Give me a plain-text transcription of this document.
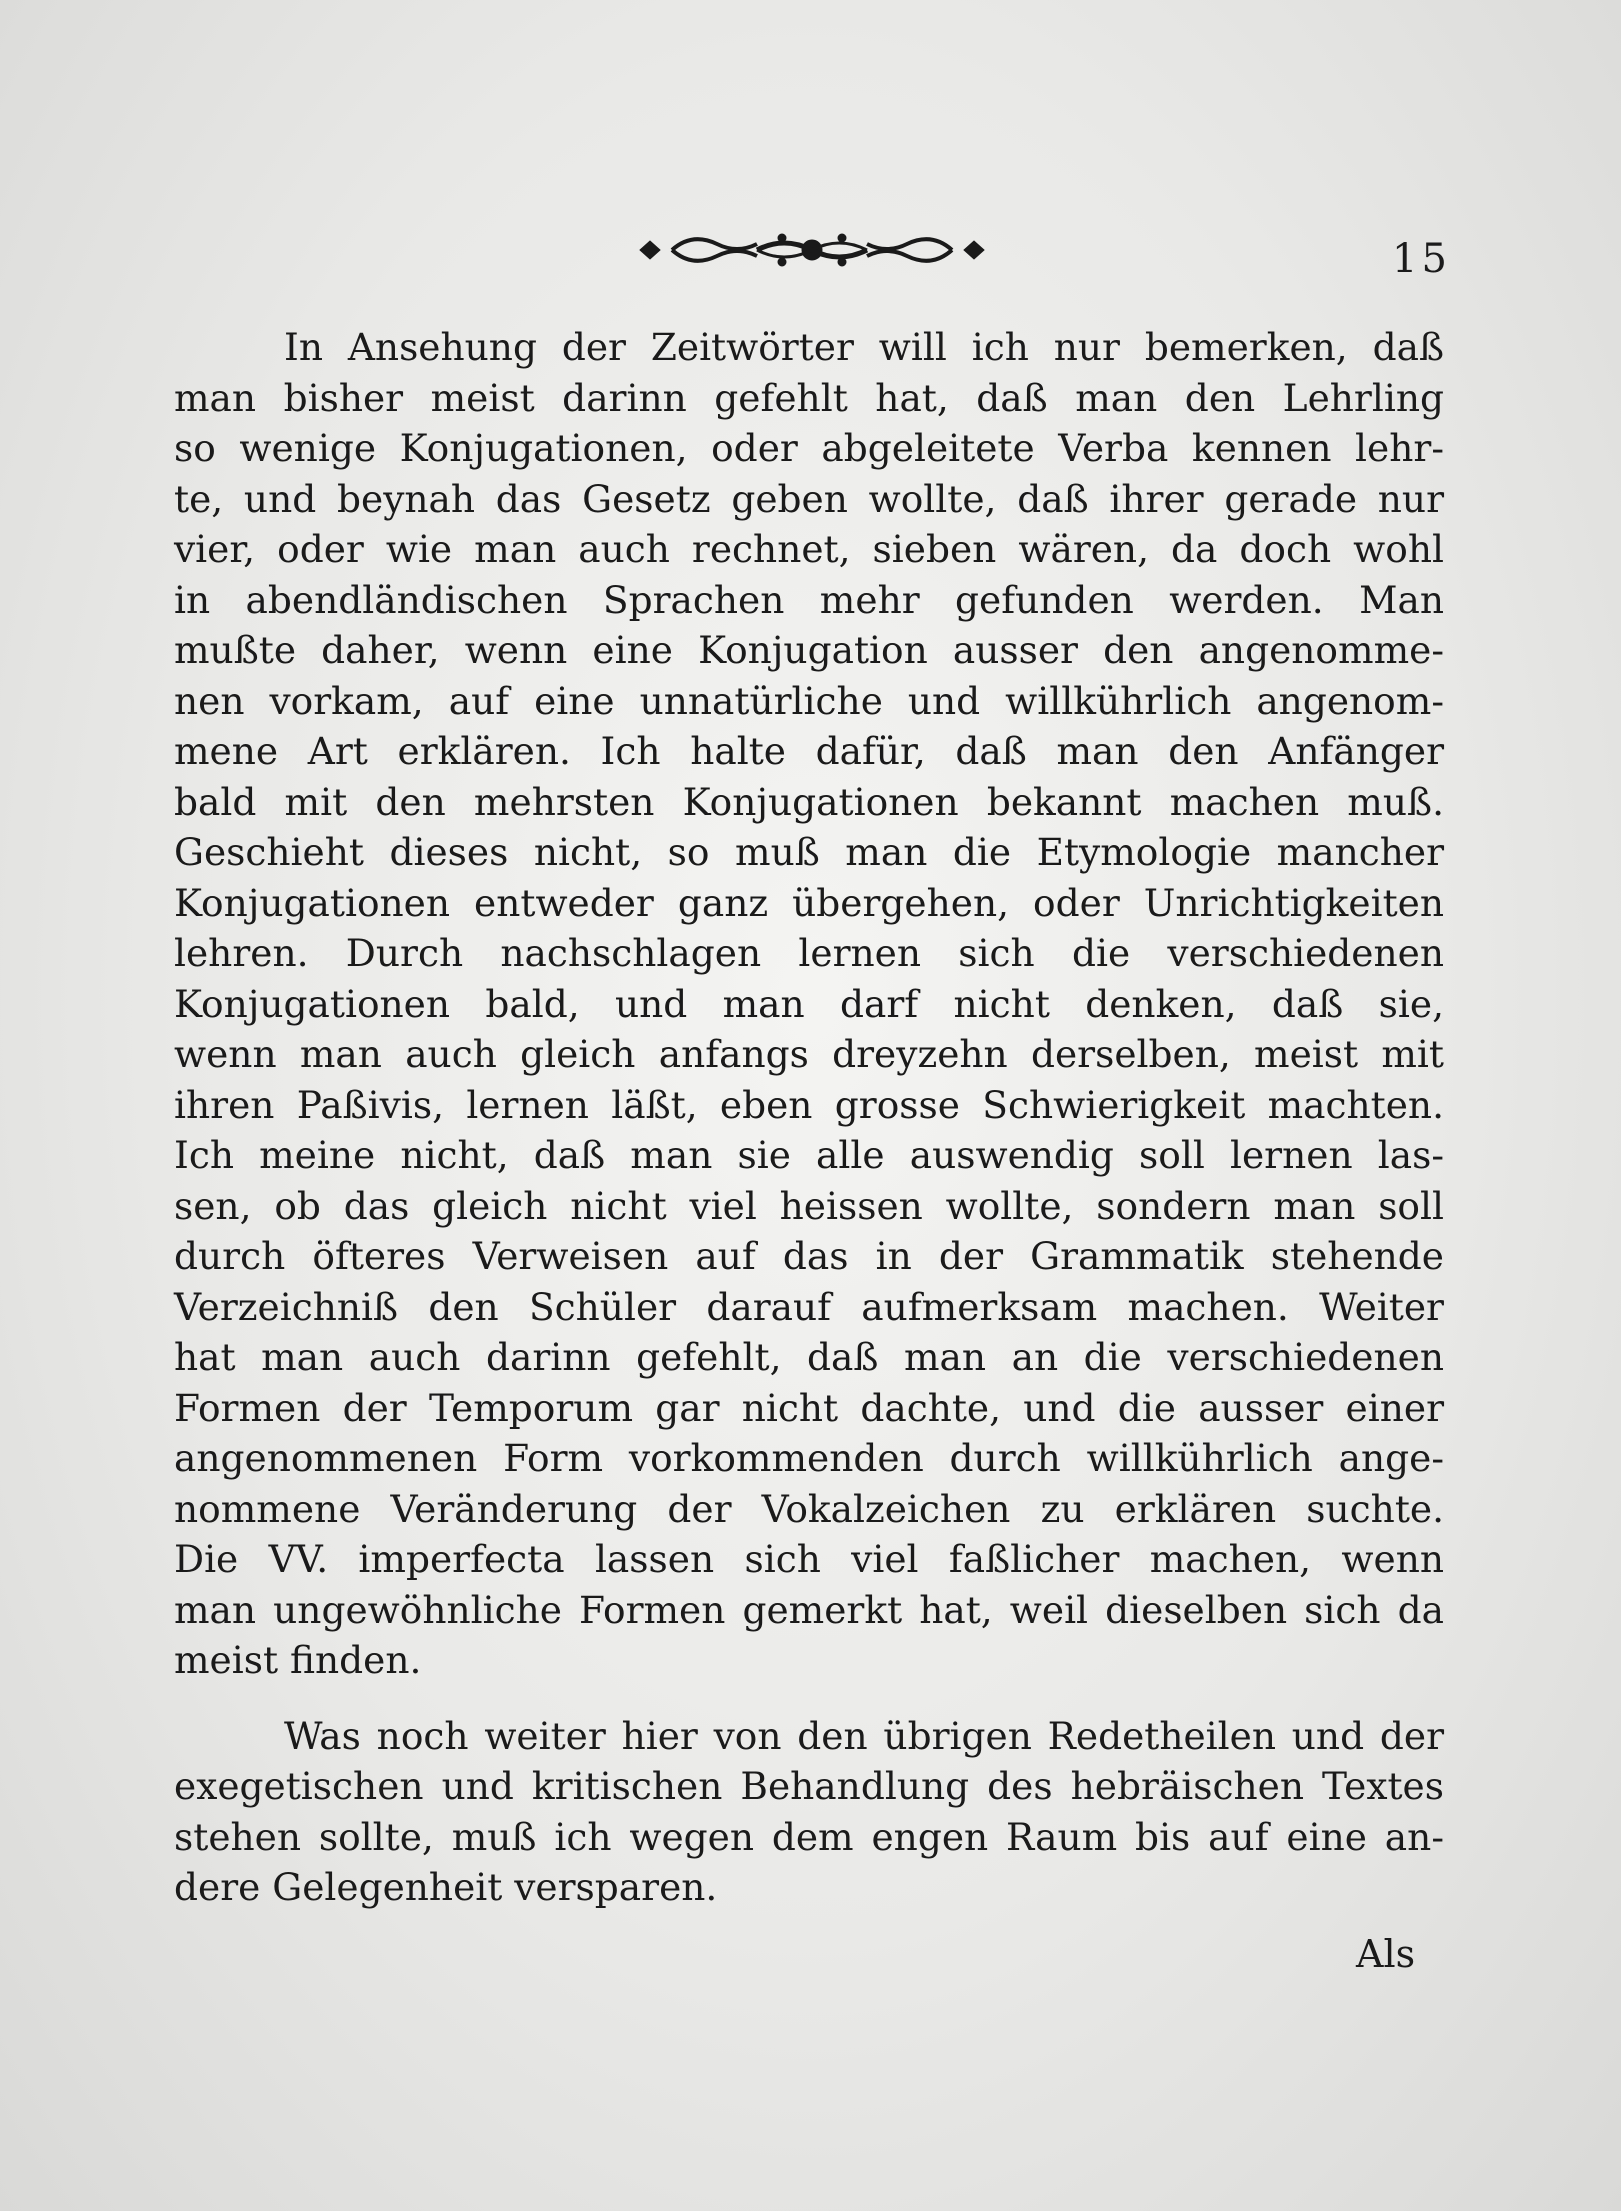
15
In Ansehung der Zeitwörter will ich nur bemerken, daß
man bisher meist darinn gefehlt hat, daß man den Lehrling
so wenige Konjugationen, oder abgeleitete Verba kennen lehr-
te, und beynah das Gesetz geben wollte, daß ihrer gerade nur
vier, oder wie man auch rechnet, sieben wären, da doch wohl
in abendländischen Sprachen mehr gefunden werden. Man
mußte daher, wenn eine Konjugation ausser den angenomme-
nen vorkam, auf eine unnatürliche und willkührlich angenom-
mene Art erklären. Ich halte dafür, daß man den Anfänger
bald mit den mehrsten Konjugationen bekannt machen muß.
Geschieht dieses nicht, so muß man die Etymologie mancher
Konjugationen entweder ganz übergehen, oder Unrichtigkeiten
lehren. Durch nachschlagen lernen sich die verschiedenen
Konjugationen bald, und man darf nicht denken, daß sie,
wenn man auch gleich anfangs dreyzehn derselben, meist mit
ihren Paßivis, lernen läßt, eben grosse Schwierigkeit machten.
Ich meine nicht, daß man sie alle auswendig soll lernen las-
sen, ob das gleich nicht viel heissen wollte, sondern man soll
durch öfteres Verweisen auf das in der Grammatik stehende
Verzeichniß den Schüler darauf aufmerksam machen. Weiter
hat man auch darinn gefehlt, daß man an die verschiedenen
Formen der Temporum gar nicht dachte, und die ausser einer
angenommenen Form vorkommenden durch willkührlich ange-
nommene Veränderung der Vokalzeichen zu erklären suchte.
Die VV. imperfecta lassen sich viel faßlicher machen, wenn
man ungewöhnliche Formen gemerkt hat, weil dieselben sich da
meist finden.
Was noch weiter hier von den übrigen Redetheilen und der
exegetischen und kritischen Behandlung des hebräischen Textes
stehen sollte, muß ich wegen dem engen Raum bis auf eine an-
dere Gelegenheit versparen.
Als
